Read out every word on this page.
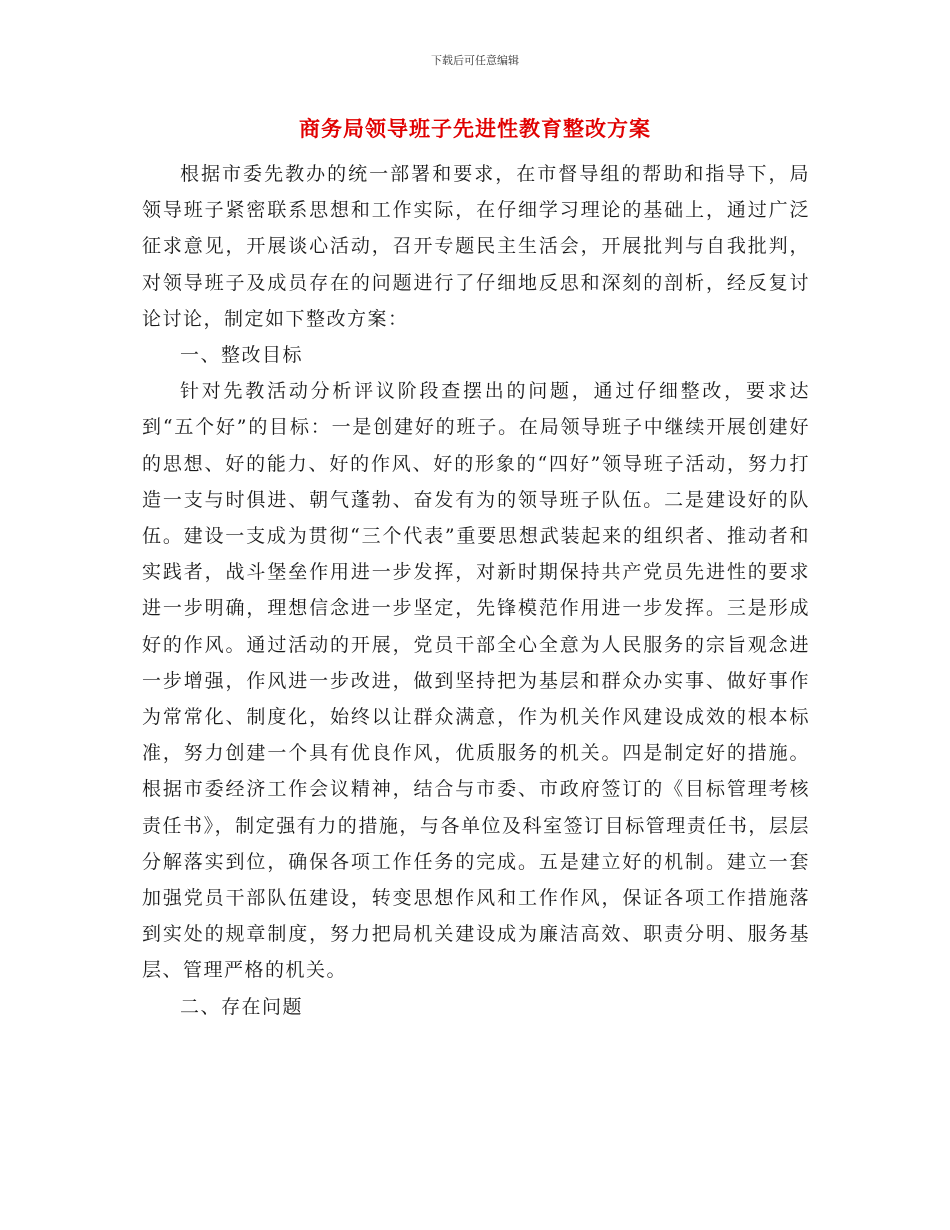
下载后可任意编辑
商务局领导班子先进性教育整改方案

根据市委先教办的统一部署和要求，在市督导组的帮助和指导下，局领导班子紧密联系思想和工作实际，在仔细学习理论的基础上，通过广泛征求意见，开展谈心活动，召开专题民主生活会，开展批判与自我批判，对领导班子及成员存在的问题进行了仔细地反思和深刻的剖析，经反复讨论讨论，制定如下整改方案：

一、整改目标

针对先教活动分析评议阶段查摆出的问题，通过仔细整改，要求达到“五个好”的目标：一是创建好的班子。在局领导班子中继续开展创建好的思想、好的能力、好的作风、好的形象的“四好”领导班子活动，努力打造一支与时俱进、朝气蓬勃、奋发有为的领导班子队伍。二是建设好的队伍。建设一支成为贯彻“三个代表”重要思想武装起来的组织者、推动者和实践者，战斗堡垒作用进一步发挥，对新时期保持共产党员先进性的要求进一步明确，理想信念进一步坚定，先锋模范作用进一步发挥。三是形成好的作风。通过活动的开展，党员干部全心全意为人民服务的宗旨观念进一步增强，作风进一步改进，做到坚持把为基层和群众办实事、做好事作为常常化、制度化，始终以让群众满意，作为机关作风建设成效的根本标准，努力创建一个具有优良作风，优质服务的机关。四是制定好的措施。根据市委经济工作会议精神，结合与市委、市政府签订的《目标管理考核责任书》，制定强有力的措施，与各单位及科室签订目标管理责任书，层层分解落实到位，确保各项工作任务的完成。五是建立好的机制。建立一套加强党员干部队伍建设，转变思想作风和工作作风，保证各项工作措施落到实处的规章制度，努力把局机关建设成为廉洁高效、职责分明、服务基层、管理严格的机关。

二、存在问题
